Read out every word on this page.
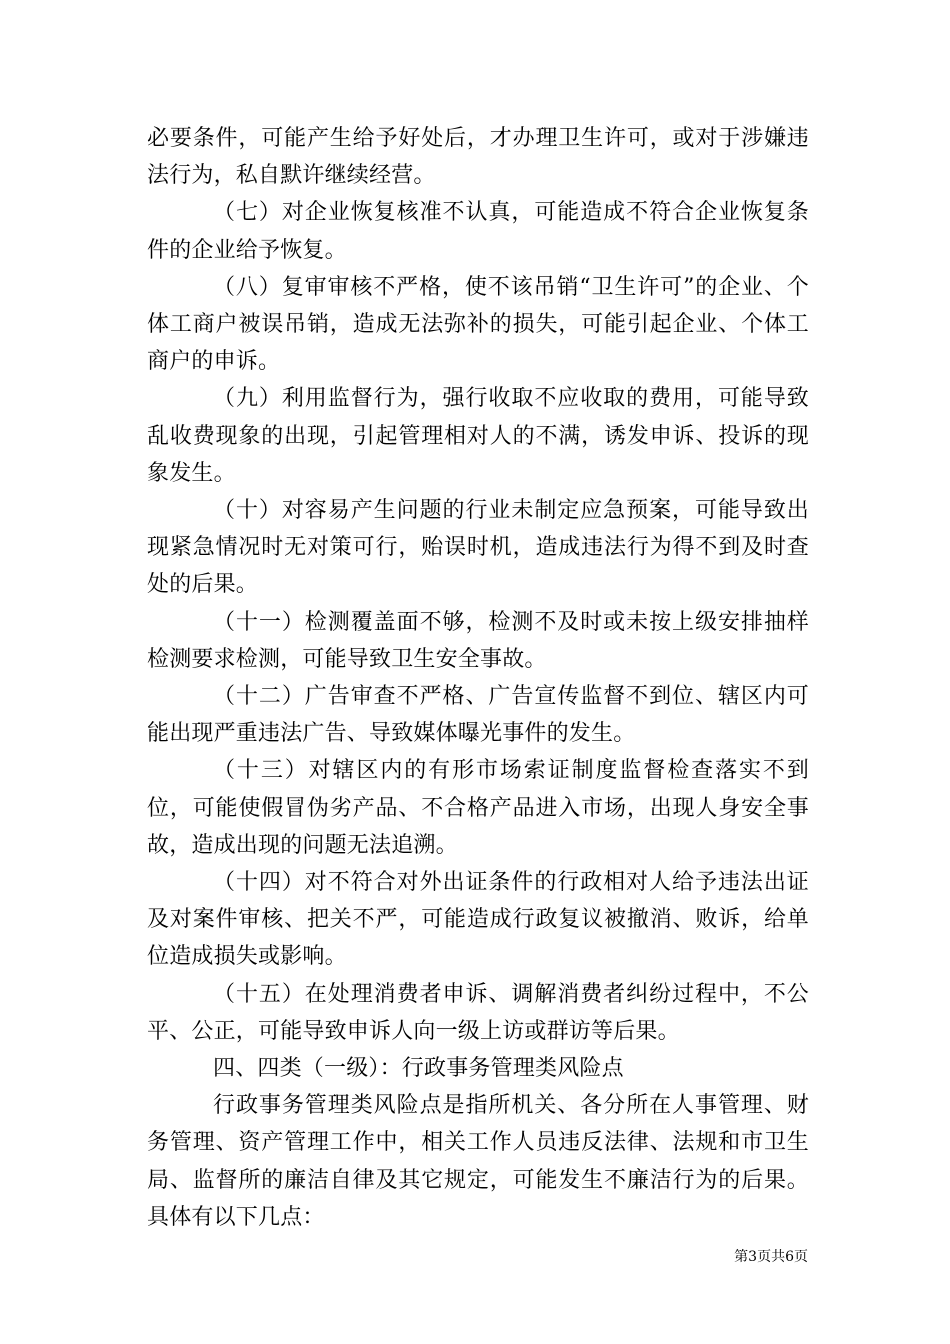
必要条件，可能产生给予好处后，才办理卫生许可，或对于涉嫌违法行为，私自默许继续经营。

（七）对企业恢复核准不认真，可能造成不符合企业恢复条件的企业给予恢复。

（八）复审审核不严格，使不该吊销“卫生许可”的企业、个体工商户被误吊销，造成无法弥补的损失，可能引起企业、个体工商户的申诉。

（九）利用监督行为，强行收取不应收取的费用，可能导致乱收费现象的出现，引起管理相对人的不满，诱发申诉、投诉的现象发生。

（十）对容易产生问题的行业未制定应急预案，可能导致出现紧急情况时无对策可行，贻误时机，造成违法行为得不到及时查处的后果。

（十一）检测覆盖面不够，检测不及时或未按上级安排抽样检测要求检测，可能导致卫生安全事故。

（十二）广告审查不严格、广告宣传监督不到位、辖区内可能出现严重违法广告、导致媒体曝光事件的发生。

（十三）对辖区内的有形市场索证制度监督检查落实不到位，可能使假冒伪劣产品、不合格产品进入市场，出现人身安全事故，造成出现的问题无法追溯。

（十四）对不符合对外出证条件的行政相对人给予违法出证及对案件审核、把关不严，可能造成行政复议被撤消、败诉，给单位造成损失或影响。

（十五）在处理消费者申诉、调解消费者纠纷过程中，不公平、公正，可能导致申诉人向一级上访或群访等后果。

四、四类（一级）：行政事务管理类风险点

行政事务管理类风险点是指所机关、各分所在人事管理、财务管理、资产管理工作中，相关工作人员违反法律、法规和市卫生局、监督所的廉洁自律及其它规定，可能发生不廉洁行为的后果。具体有以下几点：

第3页共6页
